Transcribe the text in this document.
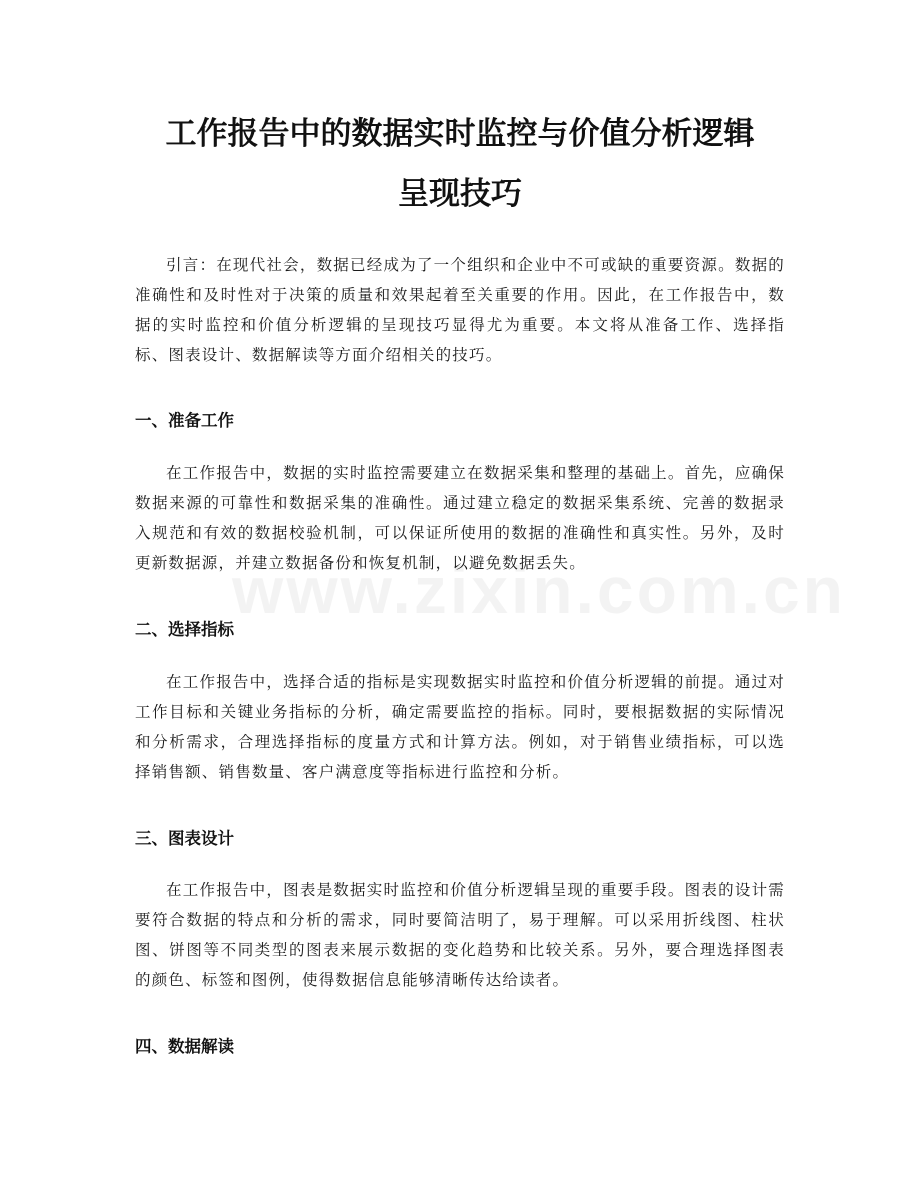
工作报告中的数据实时监控与价值分析逻辑
呈现技巧

引言：在现代社会，数据已经成为了一个组织和企业中不可或缺的重要资源。数据的准确性和及时性对于决策的质量和效果起着至关重要的作用。因此，在工作报告中，数据的实时监控和价值分析逻辑的呈现技巧显得尤为重要。本文将从准备工作、选择指标、图表设计、数据解读等方面介绍相关的技巧。

一、准备工作

在工作报告中，数据的实时监控需要建立在数据采集和整理的基础上。首先，应确保数据来源的可靠性和数据采集的准确性。通过建立稳定的数据采集系统、完善的数据录入规范和有效的数据校验机制，可以保证所使用的数据的准确性和真实性。另外，及时更新数据源，并建立数据备份和恢复机制，以避免数据丢失。

二、选择指标

在工作报告中，选择合适的指标是实现数据实时监控和价值分析逻辑的前提。通过对工作目标和关键业务指标的分析，确定需要监控的指标。同时，要根据数据的实际情况和分析需求，合理选择指标的度量方式和计算方法。例如，对于销售业绩指标，可以选择销售额、销售数量、客户满意度等指标进行监控和分析。

三、图表设计

在工作报告中，图表是数据实时监控和价值分析逻辑呈现的重要手段。图表的设计需要符合数据的特点和分析的需求，同时要简洁明了，易于理解。可以采用折线图、柱状图、饼图等不同类型的图表来展示数据的变化趋势和比较关系。另外，要合理选择图表的颜色、标签和图例，使得数据信息能够清晰传达给读者。

四、数据解读
